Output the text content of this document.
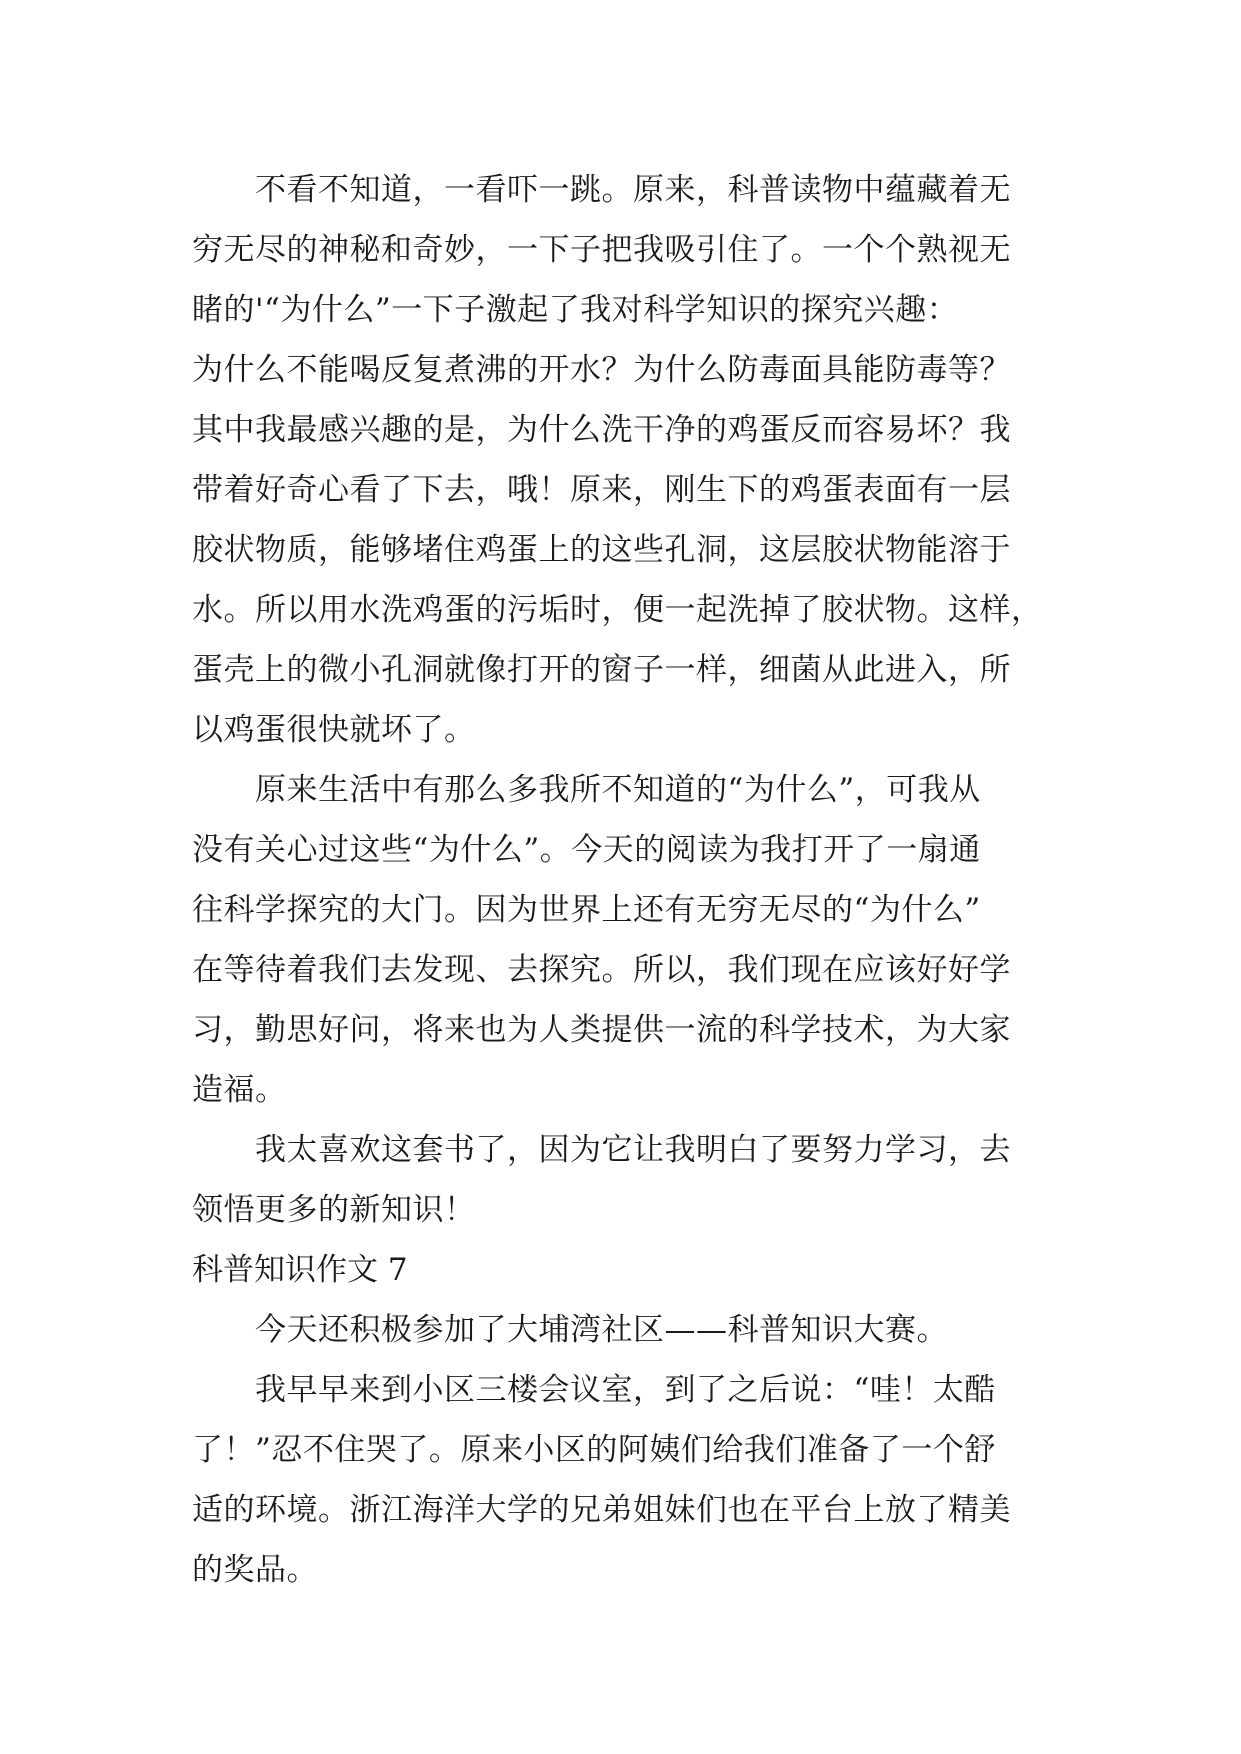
不看不知道，一看吓一跳。原来，科普读物中蕴藏着无
穷无尽的神秘和奇妙，一下子把我吸引住了。一个个熟视无
睹的'“为什么”一下子激起了我对科学知识的探究兴趣：
为什么不能喝反复煮沸的开水？为什么防毒面具能防毒等？
其中我最感兴趣的是，为什么洗干净的鸡蛋反而容易坏？我
带着好奇心看了下去，哦！原来，刚生下的鸡蛋表面有一层
胶状物质，能够堵住鸡蛋上的这些孔洞，这层胶状物能溶于
水。所以用水洗鸡蛋的污垢时，便一起洗掉了胶状物。这样，
蛋壳上的微小孔洞就像打开的窗子一样，细菌从此进入，所
以鸡蛋很快就坏了。
原来生活中有那么多我所不知道的“为什么”，可我从
没有关心过这些“为什么”。今天的阅读为我打开了一扇通
往科学探究的大门。因为世界上还有无穷无尽的“为什么”
在等待着我们去发现、去探究。所以，我们现在应该好好学
习，勤思好问，将来也为人类提供一流的科学技术，为大家
造福。
我太喜欢这套书了，因为它让我明白了要努力学习，去
领悟更多的新知识！
科普知识作文 7
今天还积极参加了大埔湾社区——科普知识大赛。
我早早来到小区三楼会议室，到了之后说：“哇！太酷
了！”忍不住哭了。原来小区的阿姨们给我们准备了一个舒
适的环境。浙江海洋大学的兄弟姐妹们也在平台上放了精美
的奖品。
